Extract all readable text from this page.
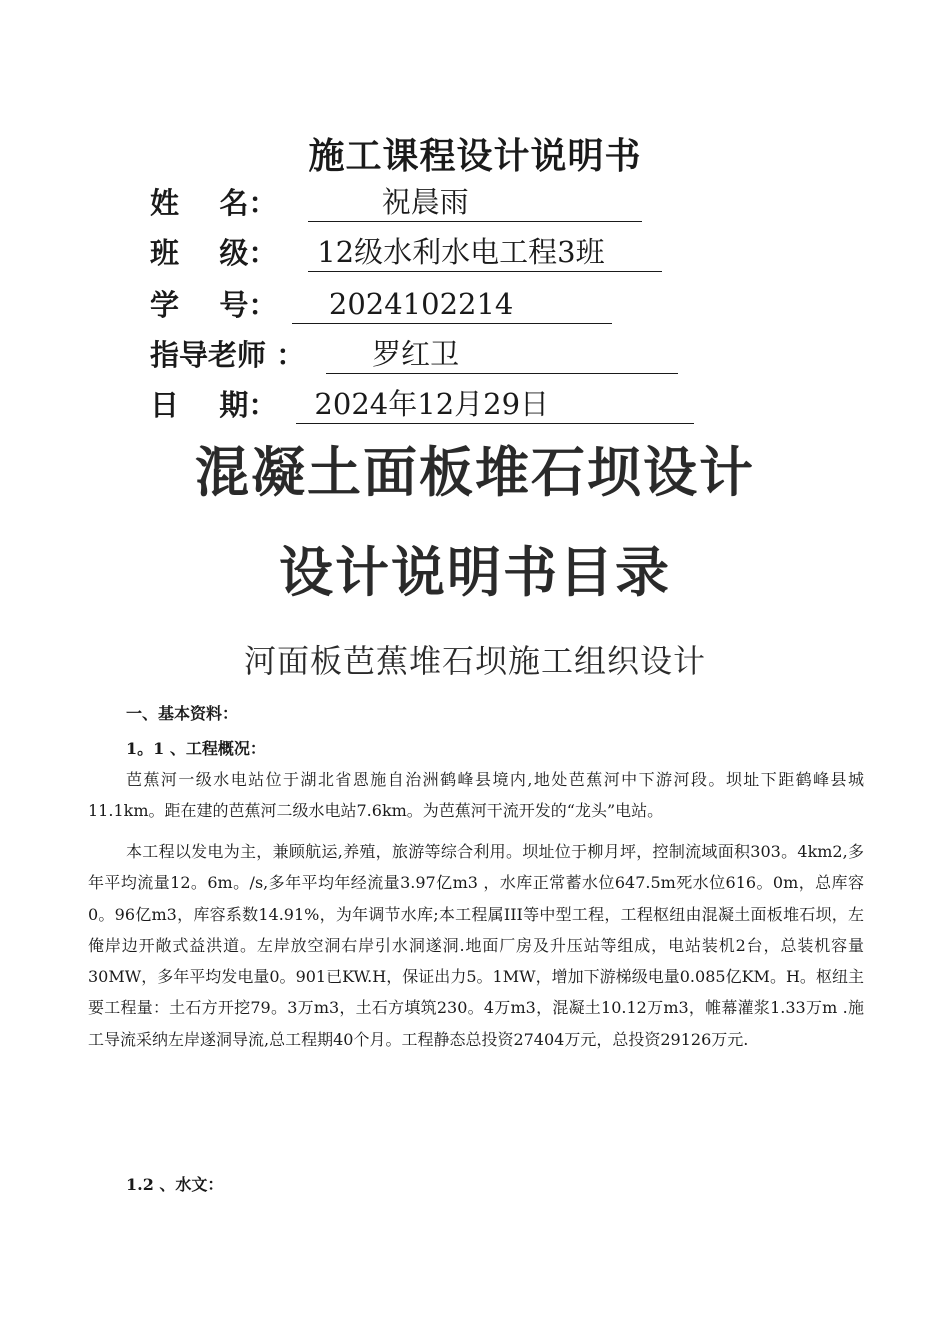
施工课程设计说明书
姓    名：	祝晨雨
班    级：	12级水利水电工程3班
学    号： 2024102214
指导老师 ： 罗红卫
日    期： 2024年12月29日
混凝土面板堆石坝设计
设计说明书目录
河面板芭蕉堆石坝施工组织设计
一、基本资料：
1。1 、工程概况：
芭蕉河一级水电站位于湖北省恩施自治洲鹤峰县境内,地处芭蕉河中下游河段。坝址下距鹤峰县城11.1km。距在建的芭蕉河二级水电站7.6km。为芭蕉河干流开发的“龙头”电站。
本工程以发电为主，兼顾航运,养殖，旅游等综合利用。坝址位于柳月坪，控制流域面积303。4km2,多年平均流量12。6m。/s,多年平均年经流量3.97亿m3 ，水库正常蓄水位647.5m死水位616。0m，总库容0。96亿m3，库容系数14.91%，为年调节水库;本工程属III等中型工程，工程枢纽由混凝土面板堆石坝，左俺岸边开敞式益洪道。左岸放空洞右岸引水洞遂洞.地面厂房及升压站等组成，电站装机2台，总装机容量30MW，多年平均发电量0。901已KW.H，保证出力5。1MW，增加下游梯级电量0.085亿KM。H。枢纽主要工程量：土石方开挖79。3万m3，土石方填筑230。4万m3，混凝土10.12万m3，帷幕灌浆1.33万m .施工导流采纳左岸遂洞导流,总工程期40个月。工程静态总投资27404万元，总投资29126万元.
1.2 、水文：
